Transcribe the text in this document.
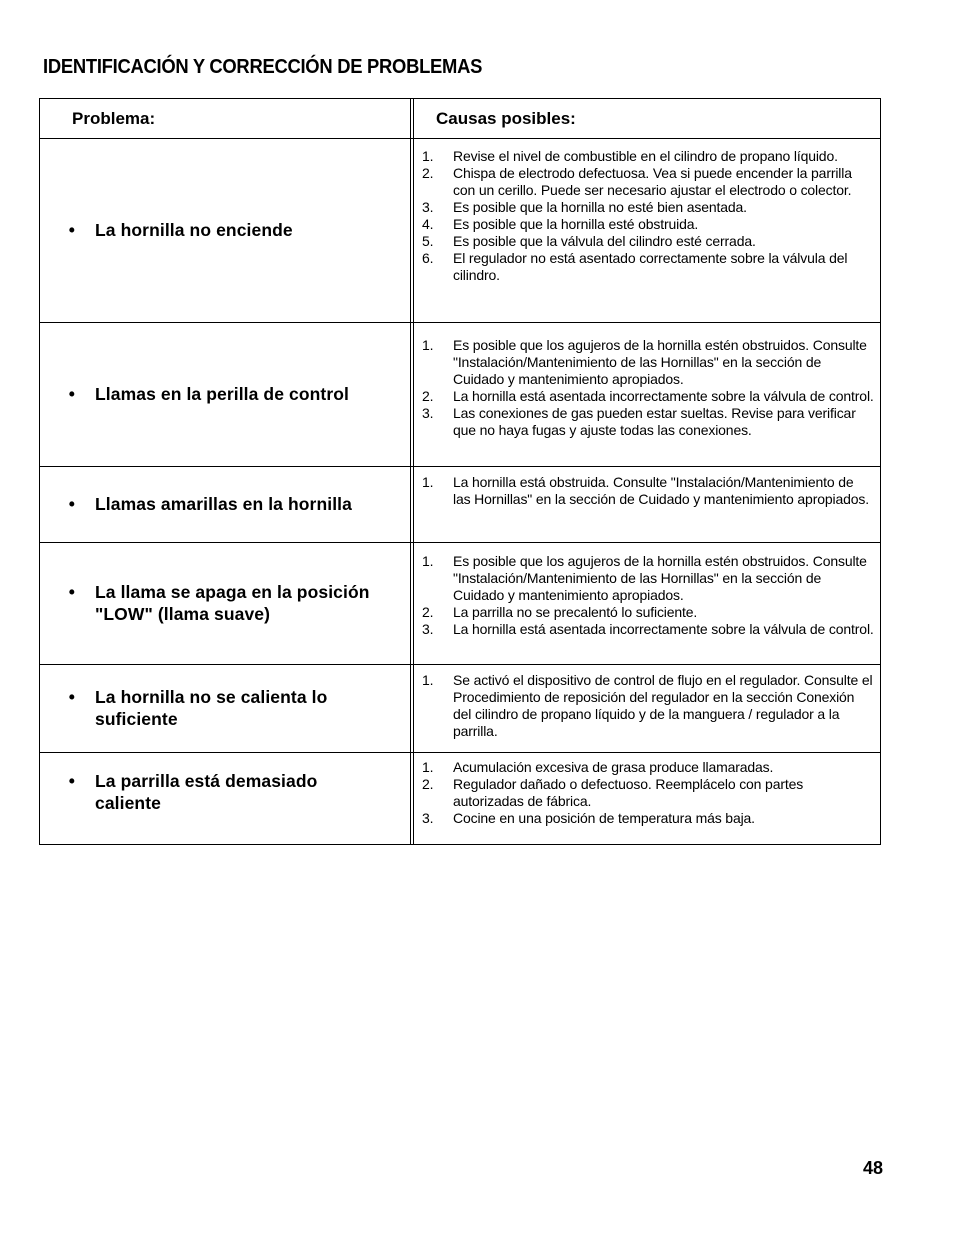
IDENTIFICACIÓN Y CORRECCIÓN DE PROBLEMAS
Problema:	Causas posibles:
•	La hornilla no enciende
1.	Revise el nivel de combustible en el cilindro de propano líquido.
2.	Chispa de electrodo defectuosa. Vea si puede encender la parrilla con un cerillo. Puede ser necesario ajustar el electrodo o colector.
3.	Es posible que la hornilla no esté bien asentada.
4.	Es posible que la hornilla esté obstruida.
5.	Es posible que la válvula del cilindro esté cerrada.
6.	El regulador no está asentado correctamente sobre la válvula del cilindro.
•	Llamas en la perilla de control
1.	Es posible que los agujeros de la hornilla estén obstruidos. Consulte "Instalación/Mantenimiento de las Hornillas" en la sección de Cuidado y mantenimiento apropiados.
2.	La hornilla está asentada incorrectamente sobre la válvula de control.
3.	Las conexiones de gas pueden estar sueltas. Revise para verificar que no haya fugas y ajuste todas las conexiones.
•	Llamas amarillas en la hornilla
1.	La hornilla está obstruida. Consulte "Instalación/Mantenimiento de las Hornillas" en la sección de Cuidado y mantenimiento apropiados.
•	La llama se apaga en la posición "LOW" (llama suave)
1.	Es posible que los agujeros de la hornilla estén obstruidos. Consulte "Instalación/Mantenimiento de las Hornillas" en la sección de Cuidado y mantenimiento apropiados.
2.	La parrilla no se precalentó lo suficiente.
3.	La hornilla está asentada incorrectamente sobre la válvula de control.
•	La hornilla no se calienta lo suficiente
1.	Se activó el dispositivo de control de flujo en el regulador. Consulte el Procedimiento de reposición del regulador en la sección Conexión del cilindro de propano líquido y de la manguera / regulador a la parrilla.
•	La parrilla está demasiado caliente
1.	Acumulación excesiva de grasa produce llamaradas.
2.	Regulador dañado o defectuoso. Reemplácelo con partes autorizadas de fábrica.
3.	Cocine en una posición de temperatura más baja.
48
